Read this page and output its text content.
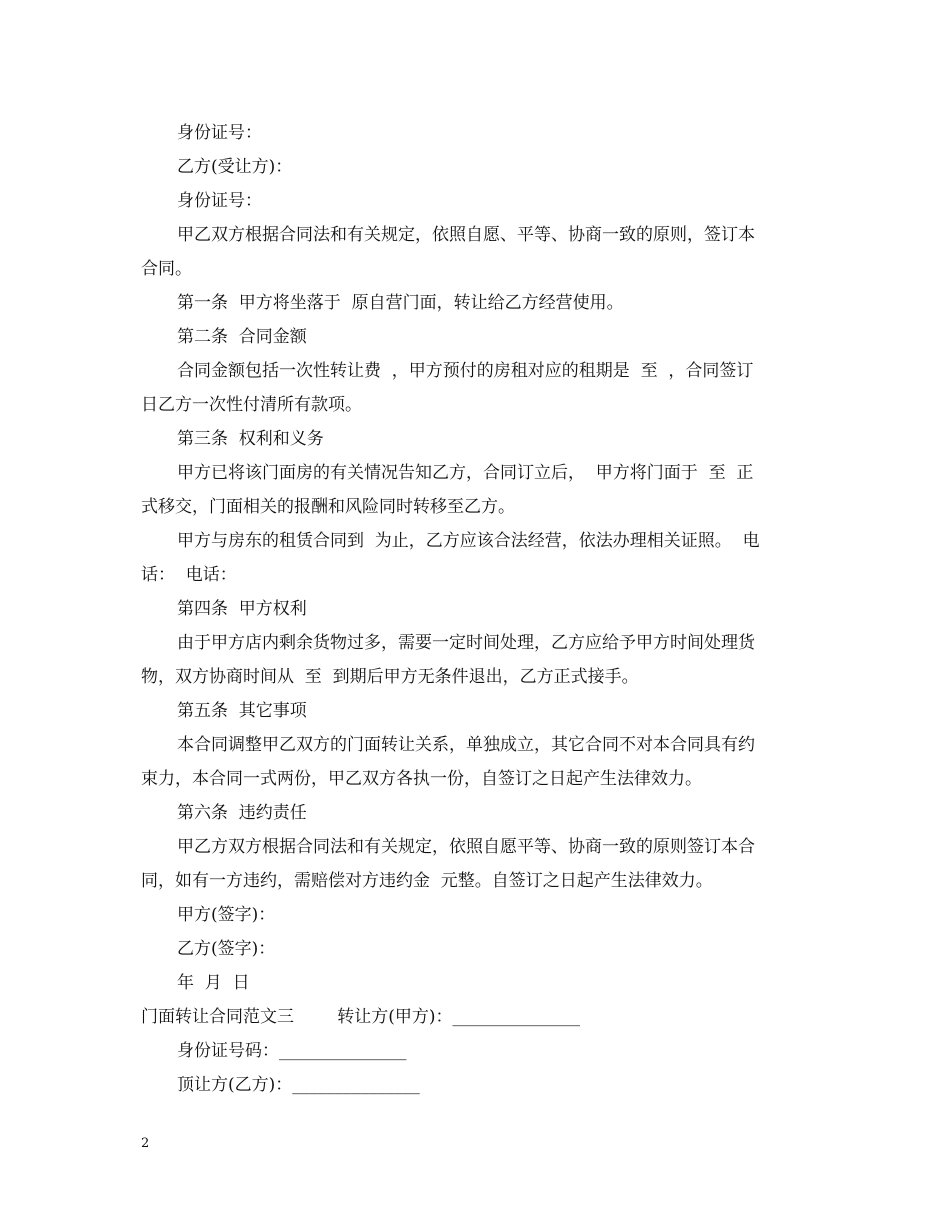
身份证号：
乙方(受让方)：
身份证号：
甲乙双方根据合同法和有关规定，依照自愿、平等、协商一致的原则，签订本
合同。
第一条  甲方将坐落于  原自营门面，转让给乙方经营使用。
第二条  合同金额
合同金额包括一次性转让费  ，甲方预付的房租对应的租期是  至  ，合同签订
日乙方一次性付清所有款项。
第三条  权利和义务
甲方已将该门面房的有关情况告知乙方，合同订立后，  甲方将门面于  至  正
式移交，门面相关的报酬和风险同时转移至乙方。
甲方与房东的租赁合同到  为止，乙方应该合法经营，依法办理相关证照。  电
话：  电话：
第四条  甲方权利
由于甲方店内剩余货物过多，需要一定时间处理，乙方应给予甲方时间处理货
物，双方协商时间从  至  到期后甲方无条件退出，乙方正式接手。
第五条  其它事项
本合同调整甲乙双方的门面转让关系，单独成立，其它合同不对本合同具有约
束力，本合同一式两份，甲乙双方各执一份，自签订之日起产生法律效力。
第六条  违约责任
甲乙方双方根据合同法和有关规定，依照自愿平等、协商一致的原则签订本合
同，如有一方违约，需赔偿对方违约金  元整。自签订之日起产生法律效力。
甲方(签字)：
乙方(签字)：
年  月  日
门面转让合同范文三        转让方(甲方)：_______________
身份证号码：_______________
顶让方(乙方)：_______________
2
